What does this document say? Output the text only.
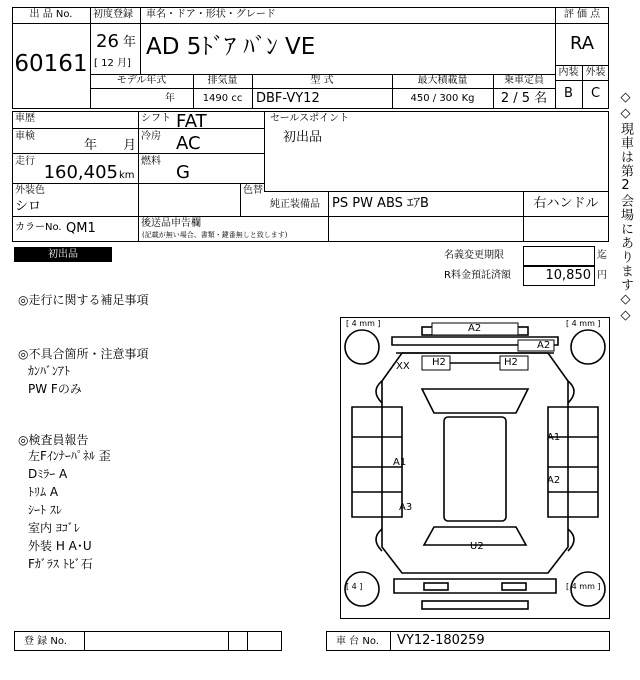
出 品 No.
60161
初度登録 車名・ドア・形状・グレード
26 年
[ 12 月]
AD 5ﾄﾞｱ ﾊﾞﾝ VE
評 価 点
RA
内装 外装
B	C
モデル年式	排気量	型 式	最大積載量	乗車定員
年	1490 cc	DBF-VY12	450 / 300 Kg	2 / 5 名
車歴
車検
年 月
走行
160,405 km
シフト FAT
冷房 AC
燃料
G
セールスポイント
初出品
外装色
シロ
色替
純正装備品 PS PW ABS ｴｱB	右ハンドル
カラーNo. QM1	後送品申告欄
(記載が無い場合、書類・鍵番無しと致します)
初出品	名義変更期限	迄
R料金預託済額	10,850 円
◎走行に関する補足事項
◎不具合箇所・注意事項
ｶﾝﾊﾞﾝｱﾄ
PW Fのみ
◎検査員報告
左Fｲﾝﾅｰﾊﾟﾈﾙ 歪
Dﾐﾗｰ A
ﾄﾘﾑ A
ｼｰﾄ ｽﾚ
室内 ﾖｺﾞﾚ
外装 H A･U
Fｶﾞﾗｽ ﾄﾋﾞ石
◇◇現車は第2会場にあります◇◇
[ 4 mm ]	[ 4 mm ]
[ 4 ]	[ 4 mm ]
A2
A2
H2	H2
XX
A1
A1
A2
A3
U2
登 録 No.	車 台 No. VY12-180259
